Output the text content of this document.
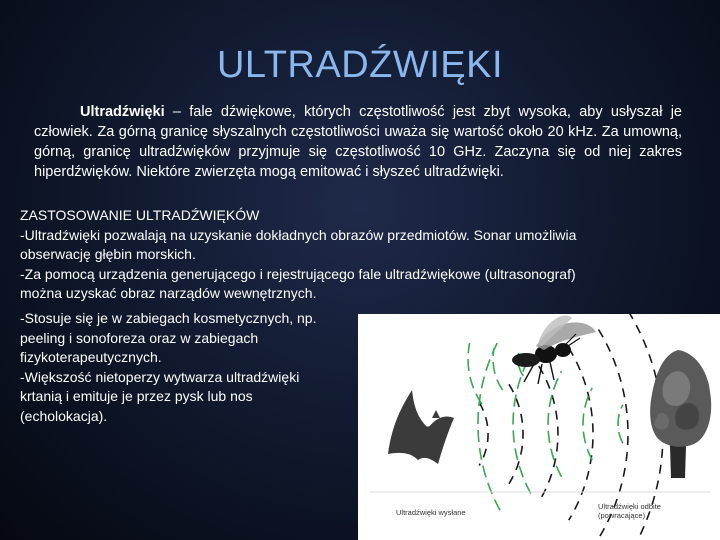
ULTRADŹWIĘKI
Ultradźwięki – fale dźwiękowe, których częstotliwość jest zbyt wysoka, aby usłyszał je człowiek. Za górną granicę słyszalnych częstotliwości uważa się wartość około 20 kHz. Za umowną, górną, granicę ultradźwięków przyjmuje się częstotliwość 10 GHz. Zaczyna się od niej zakres hiperdźwięków. Niektóre zwierzęta mogą emitować i słyszeć ultradźwięki.
ZASTOSOWANIE ULTRADŹWIĘKÓW
-Ultradźwięki pozwalają na uzyskanie dokładnych obrazów przedmiotów. Sonar umożliwia
obserwację głębin morskich.
-Za pomocą urządzenia generującego i rejestrującego fale ultradźwiękowe (ultrasonograf)
można uzyskać obraz narządów wewnętrznych.
-Stosuje się je w zabiegach kosmetycznych, np.
peeling i sonoforeza oraz w zabiegach
fizykoterapeutycznych.
-Większość nietoperzy wytwarza ultradźwięki
krtanią i emituje je przez pysk lub nos
(echolokacja).
Ultradźwięki wysłane
Ultradźwięki odbite
(powracające)
